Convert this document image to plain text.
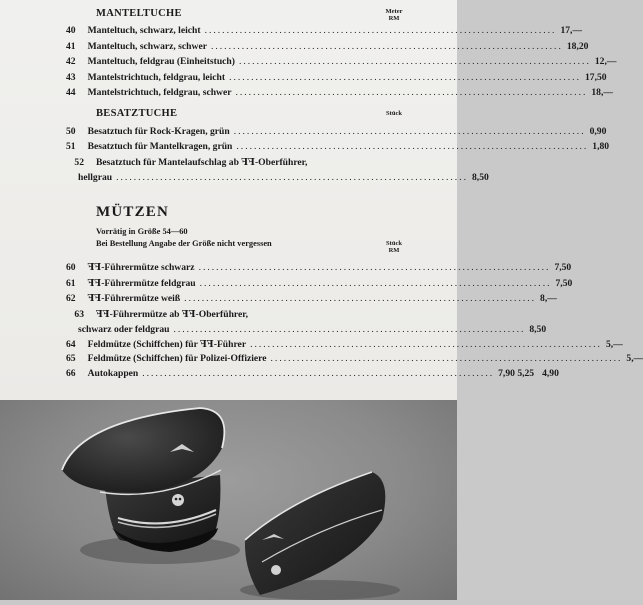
MANTELTUCHE	Meter
RM
40 Manteltuch, schwarz, leicht ................................................................................ 17,—
41 Manteltuch, schwarz, schwer ................................................................................ 18,20
42 Manteltuch, feldgrau (Einheitstuch) ................................................................................ 12,—
43 Mantelstrichtuch, feldgrau, leicht ................................................................................ 17,50
44 Mantelstrichtuch, feldgrau, schwer ................................................................................ 18,—
BESATZTUCHE	Stück
50 Besatztuch für Rock-Kragen, grün ................................................................................ 0,90
51 Besatztuch für Mantelkragen, grün ................................................................................ 1,80
52 Besatztuch für Mantelaufschlag ab ꟻꟻ-Oberführer,
hellgrau ................................................................................ 8,50
MÜTZEN
Vorrätig in Größe 54—60
Bei Bestellung Angabe der Größe nicht vergessen	Stück
RM
60 ꟻꟻ-Führermütze schwarz ................................................................................ 7,50
61 ꟻꟻ-Führermütze feldgrau ................................................................................ 7,50
62 ꟻꟻ-Führermütze weiß ................................................................................ 8,—
63 ꟻꟻ-Führermütze ab ꟻꟻ-Oberführer,
schwarz oder feldgrau ................................................................................ 8,50
64 Feldmütze (Schiffchen) für ꟻꟻ-Führer ................................................................................ 5,—
65 Feldmütze (Schiffchen) für Polizei-Offiziere ................................................................................ 5,—
66 Autokappen ................................................................................ 7,90 5,25 4,90
